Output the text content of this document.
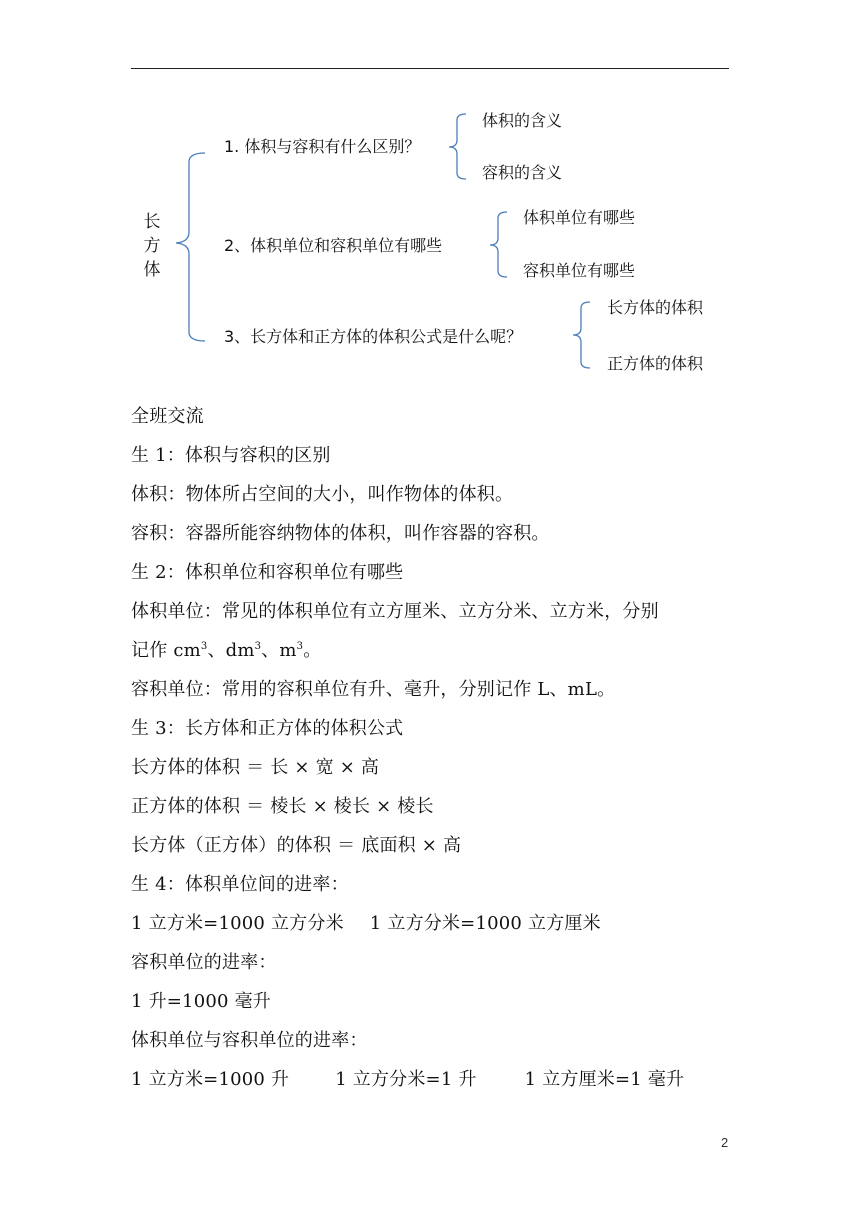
长
方
体
1. 体积与容积有什么区别？
体积的含义
容积的含义
2、体积单位和容积单位有哪些
体积单位有哪些
容积单位有哪些
3、长方体和正方体的体积公式是什么呢？
长方体的体积
正方体的体积
全班交流
生 1：体积与容积的区别
体积：物体所占空间的大小，叫作物体的体积。
容积：容器所能容纳物体的体积，叫作容器的容积。
生 2：体积单位和容积单位有哪些
体积单位：常见的体积单位有立方厘米、立方分米、立方米，分别
记作 $cm^3$、$dm^3$、$m^3$。
容积单位：常用的容积单位有升、毫升，分别记作 L、mL。
生 3：长方体和正方体的体积公式
长方体的体积 ＝ 长 × 宽 × 高
正方体的体积 ＝ 棱长 × 棱长 × 棱长
长方体（正方体）的体积 ＝ 底面积 × 高
生 4：体积单位间的进率：
1 立方米=1000 立方分米 1 立方分米=1000 立方厘米
容积单位的进率：
1 升=1000 毫升
体积单位与容积单位的进率：
1 立方米=1000 升	1 立方分米=1 升	1 立方厘米=1 毫升
2
